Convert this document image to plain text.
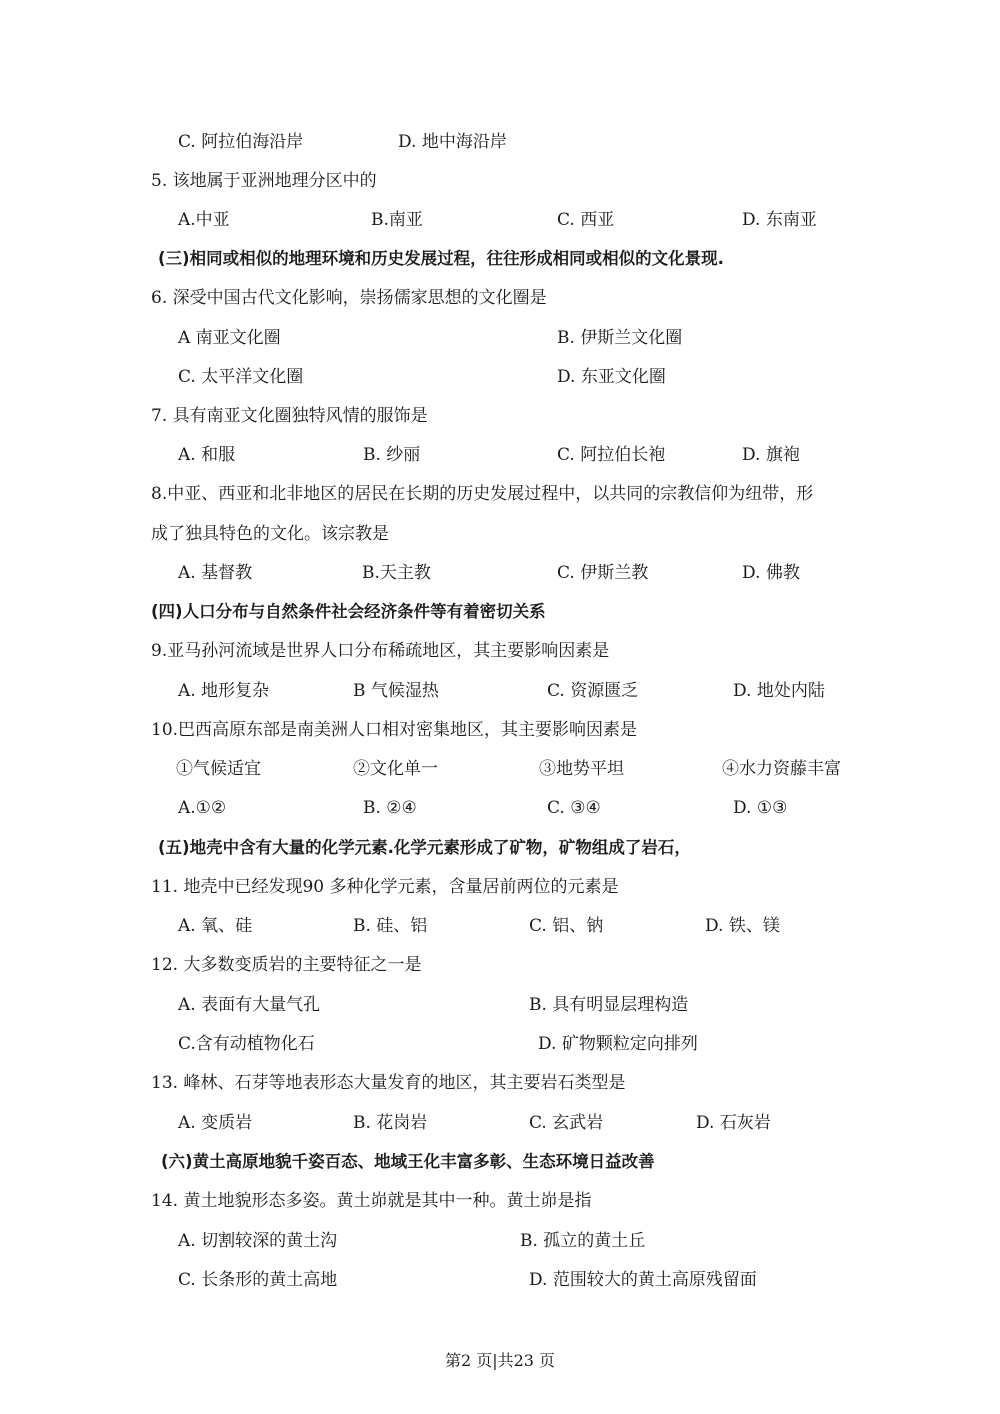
C. 阿拉伯海沿岸	D. 地中海沿岸
5. 该地属于亚洲地理分区中的
A.中亚	B.南亚	C. 西亚	D. 东南亚
(三)相同或相似的地理环境和历史发展过程，往往形成相同或相似的文化景现.
6. 深受中国古代文化影响，崇扬儒家思想的文化圈是
A 南亚文化圈	B. 伊斯兰文化圈
C. 太平洋文化圈	D. 东亚文化圈
7. 具有南亚文化圈独特风情的服饰是
A. 和服	B. 纱丽	C. 阿拉伯长袍	D. 旗袍
8.中亚、西亚和北非地区的居民在长期的历史发展过程中，以共同的宗教信仰为纽带，形
成了独具特色的文化。该宗教是
A. 基督教	B.天主教	C. 伊斯兰教	D. 佛教
(四)人口分布与自然条件社会经济条件等有着密切关系
9.亚马孙河流域是世界人口分布稀疏地区，其主要影响因素是
A. 地形复杂	B 气候湿热	C. 资源匮乏	D. 地处内陆
10.巴西高原东部是南美洲人口相对密集地区，其主要影响因素是
①气候适宜	②文化单一	③地势平坦	④水力资藤丰富
A.①②	B. ②④	C. ③④	D. ①③
(五)地壳中含有大量的化学元素.化学元素形成了矿物，矿物组成了岩石，
11. 地壳中已经发现90 多种化学元素，含量居前两位的元素是
A. 氧、硅	B. 硅、铝	C. 铝、钠	D. 铁、镁
12. 大多数变质岩的主要特征之一是
A. 表面有大量气孔	B. 具有明显层理构造
C.含有动植物化石	D. 矿物颗粒定向排列
13. 峰林、石芽等地表形态大量发育的地区，其主要岩石类型是
A. 变质岩	B. 花岗岩	C. 玄武岩	D. 石灰岩
(六)黄土高原地貌千姿百态、地域王化丰富多彰、生态环境日益改善
14. 黄土地貌形态多姿。黄土峁就是其中一种。黄土峁是指
A. 切割较深的黄土沟	B. 孤立的黄土丘
C. 长条形的黄土高地	D. 范围较大的黄土高原残留面
第2 页|共23 页
